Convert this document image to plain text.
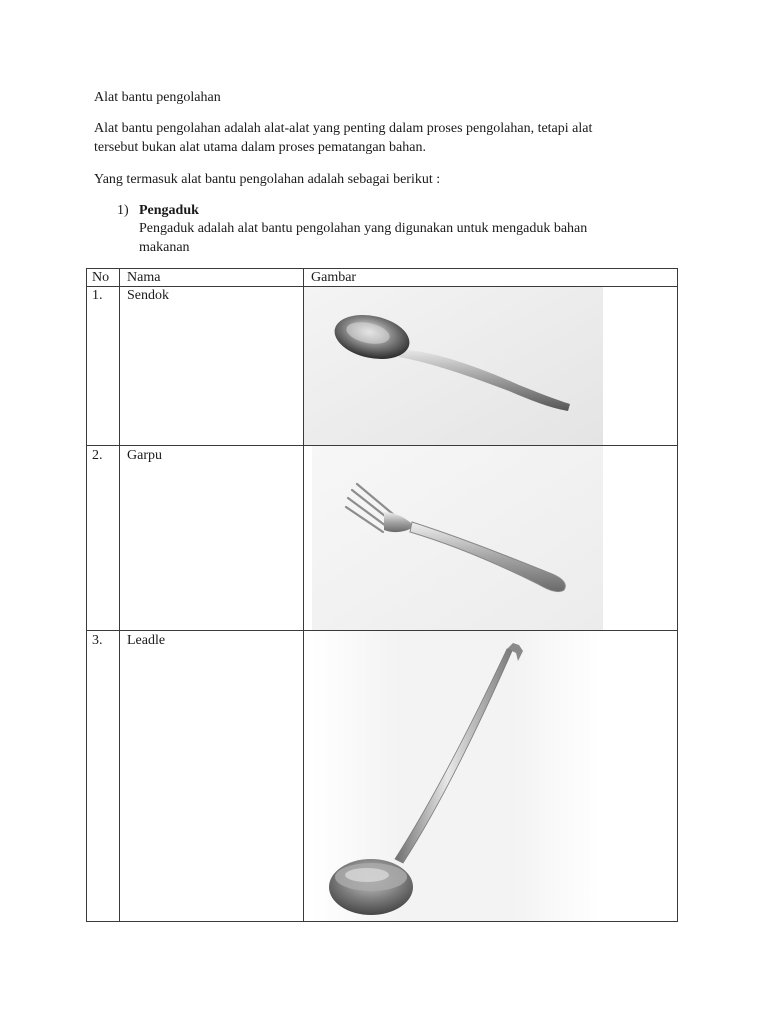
Alat bantu pengolahan
Alat bantu pengolahan adalah alat-alat yang penting dalam proses pengolahan, tetapi alat
tersebut bukan alat utama dalam proses pematangan bahan.
Yang termasuk alat bantu pengolahan adalah sebagai berikut :
1) Pengaduk
Pengaduk adalah alat bantu pengolahan yang digunakan untuk mengaduk bahan
makanan
No Nama	Gambar
1. Sendok
2. Garpu
3. Leadle
